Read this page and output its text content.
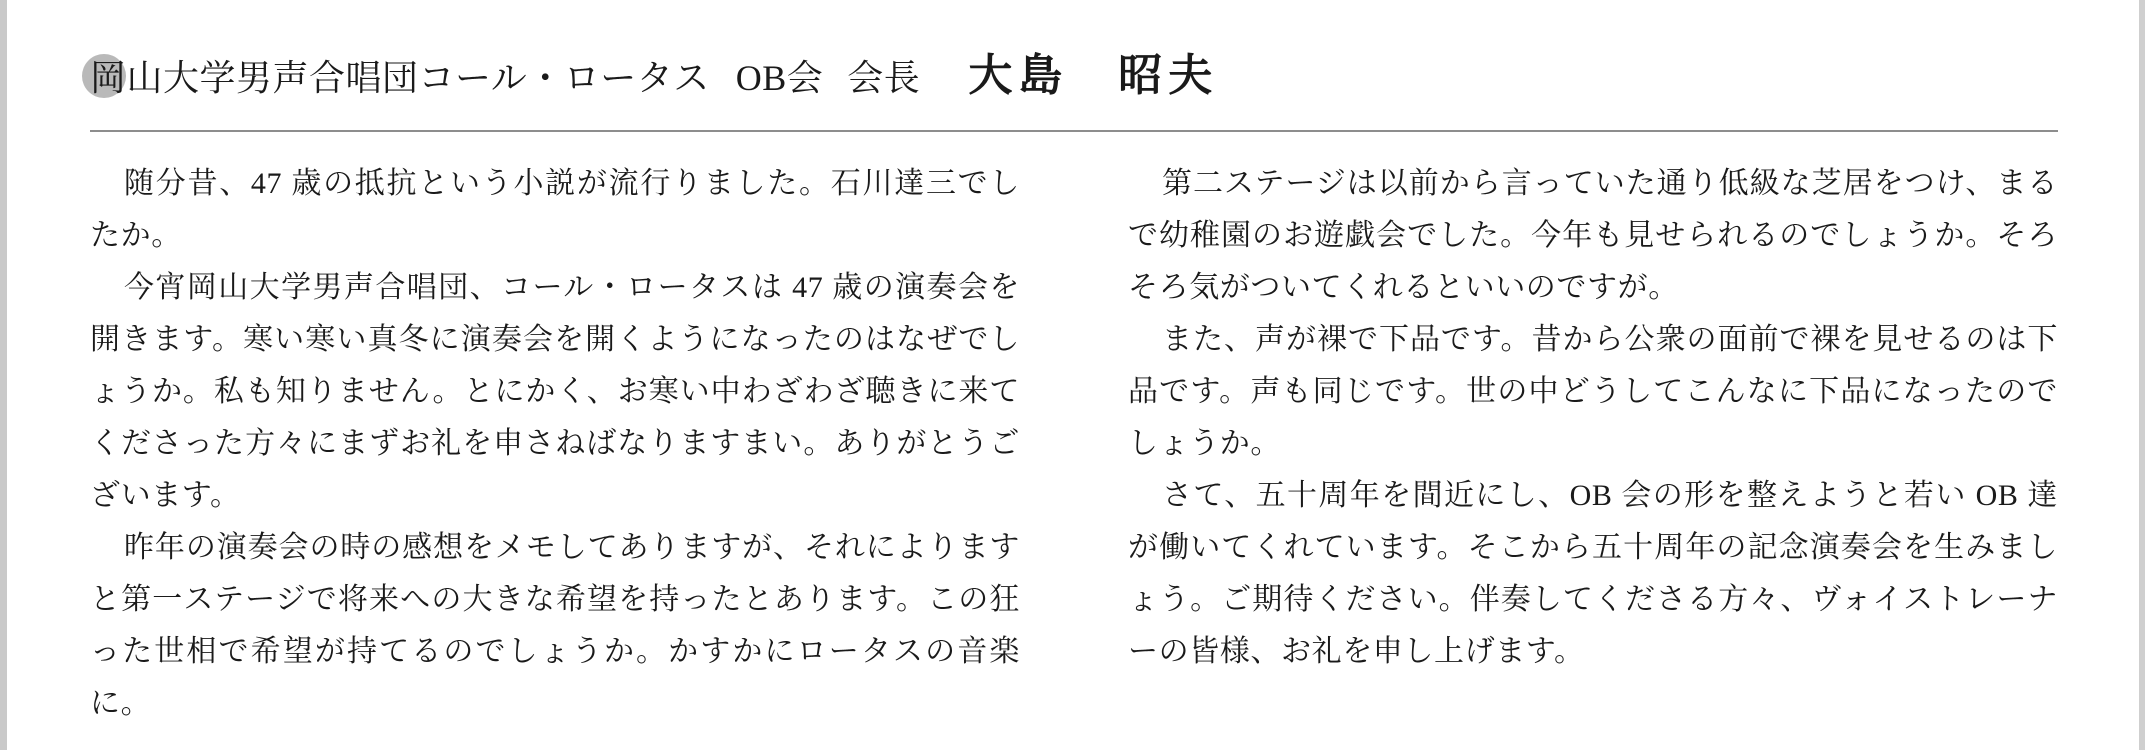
岡山大学男声合唱団コール・ロータス OB会 会長 大島　昭夫

随分昔、47 歳の抵抗という小説が流行りました。石川達三でしたか。

今宵岡山大学男声合唱団、コール・ロータスは 47 歳の演奏会を開きます。寒い寒い真冬に演奏会を開くようになったのはなぜでしょうか。私も知りません。とにかく、お寒い中わざわざ聴きに来てくださった方々にまずお礼を申さねばなりますまい。ありがとうございます。

昨年の演奏会の時の感想をメモしてありますが、それによりますと第一ステージで将来への大きな希望を持ったとあります。この狂った世相で希望が持てるのでしょうか。かすかにロータスの音楽に。

第二ステージは以前から言っていた通り低級な芝居をつけ、まるで幼稚園のお遊戯会でした。今年も見せられるのでしょうか。そろそろ気がついてくれるといいのですが。

また、声が裸で下品です。昔から公衆の面前で裸を見せるのは下品です。声も同じです。世の中どうしてこんなに下品になったのでしょうか。

さて、五十周年を間近にし、OB 会の形を整えようと若い OB 達が働いてくれています。そこから五十周年の記念演奏会を生みましょう。ご期待ください。伴奏してくださる方々、ヴォイストレーナーの皆様、お礼を申し上げます。
